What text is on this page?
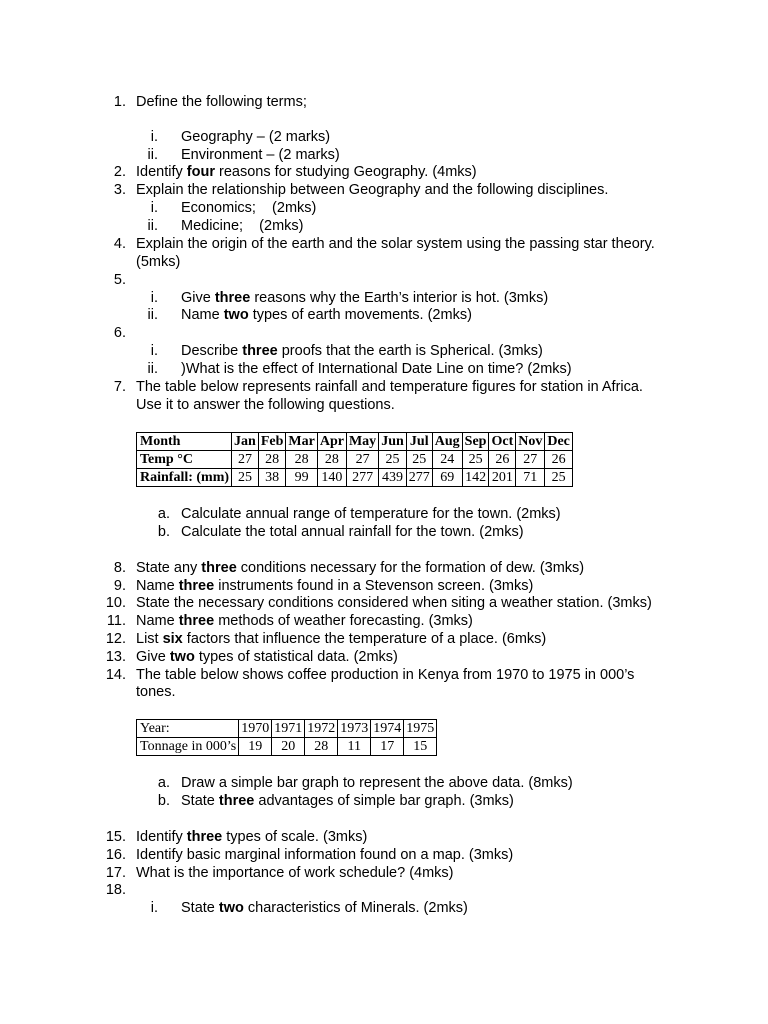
1. Define the following terms;
i. Geography – (2 marks)
ii. Environment – (2 marks)
2. Identify four reasons for studying Geography. (4mks)
3. Explain the relationship between Geography and the following disciplines.
i. Economics;    (2mks)
ii. Medicine;    (2mks)
4. Explain the origin of the earth and the solar system using the passing star theory.
(5mks)
5.
i. Give three reasons why the Earth’s interior is hot. (3mks)
ii. Name two types of earth movements. (2mks)
6.
i. Describe three proofs that the earth is Spherical. (3mks)
ii. )What is the effect of International Date Line on time? (2mks)
7. The table below represents rainfall and temperature figures for station in Africa.
Use it to answer the following questions.
Month	Jan	Feb	Mar	Apr	May	Jun	Jul	Aug	Sep	Oct	Nov	Dec
Temp °C	27	28	28	28	27	25	25	24	25	26	27	26
Rainfall: (mm)	25	38	99	140	277	439	277	69	142	201	71	25
a. Calculate annual range of temperature for the town. (2mks)
b. Calculate the total annual rainfall for the town. (2mks)
8. State any three conditions necessary for the formation of dew. (3mks)
9. Name three instruments found in a Stevenson screen. (3mks)
10. State the necessary conditions considered when siting a weather station. (3mks)
11. Name three methods of weather forecasting. (3mks)
12. List six factors that influence the temperature of a place. (6mks)
13. Give two types of statistical data. (2mks)
14. The table below shows coffee production in Kenya from 1970 to 1975 in 000’s
tones.
Year:	1970	1971	1972	1973	1974	1975
Tonnage in 000’s	19	20	28	11	17	15
a. Draw a simple bar graph to represent the above data. (8mks)
b. State three advantages of simple bar graph. (3mks)
15. Identify three types of scale. (3mks)
16. Identify basic marginal information found on a map. (3mks)
17. What is the importance of work schedule? (4mks)
18.
i. State two characteristics of Minerals. (2mks)
